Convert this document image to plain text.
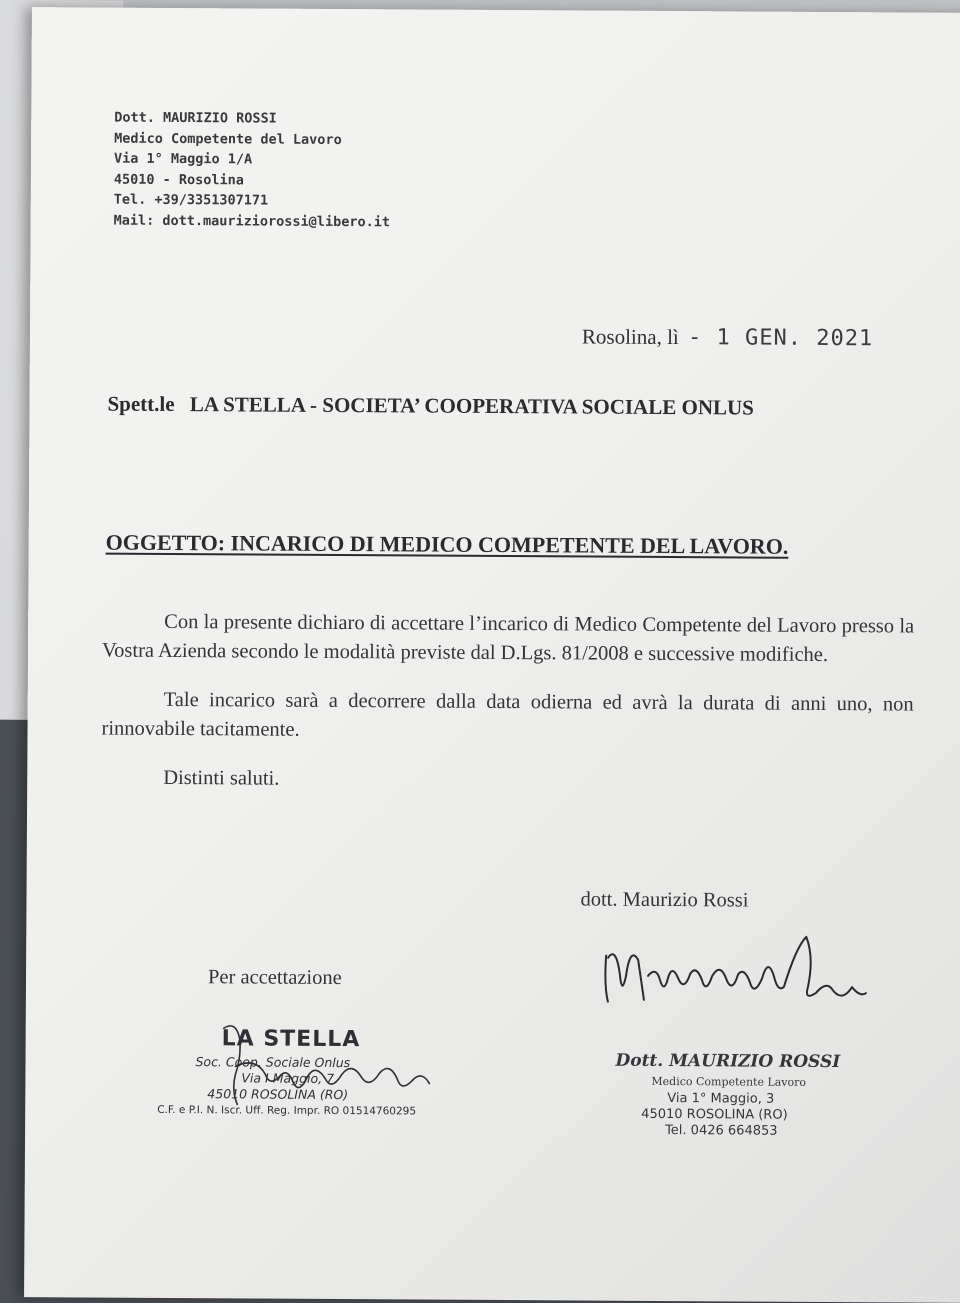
Dott. MAURIZIO ROSSI
Medico Competente del Lavoro
Via 1° Maggio 1/A
45010 - Rosolina
Tel. +39/3351307171
Mail: dott.mauriziorossi@libero.it
Rosolina, lì - 1 GEN. 2021
Spett.le LA STELLA - SOCIETA’ COOPERATIVA SOCIALE ONLUS
OGGETTO: INCARICO DI MEDICO COMPETENTE DEL LAVORO.

Con la presente dichiaro di accettare l’incarico di Medico Competente del Lavoro presso la Vostra Azienda secondo le modalità previste dal D.Lgs. 81/2008 e successive modifiche.

Tale incarico sarà a decorrere dalla data odierna ed avrà la durata di anni uno, non rinnovabile tacitamente.

Distinti saluti.

dott. Maurizio Rossi
Per accettazione
LA STELLA
Soc. Coop. Sociale Onlus
Via I Maggio, 7
45010 ROSOLINA (RO)
C.F. e P.I. N. Iscr. Uff. Reg. Impr. RO 01514760295
Dott. MAURIZIO ROSSI
Medico Competente Lavoro
Via 1° Maggio, 3
45010 ROSOLINA (RO)
Tel. 0426 664853
